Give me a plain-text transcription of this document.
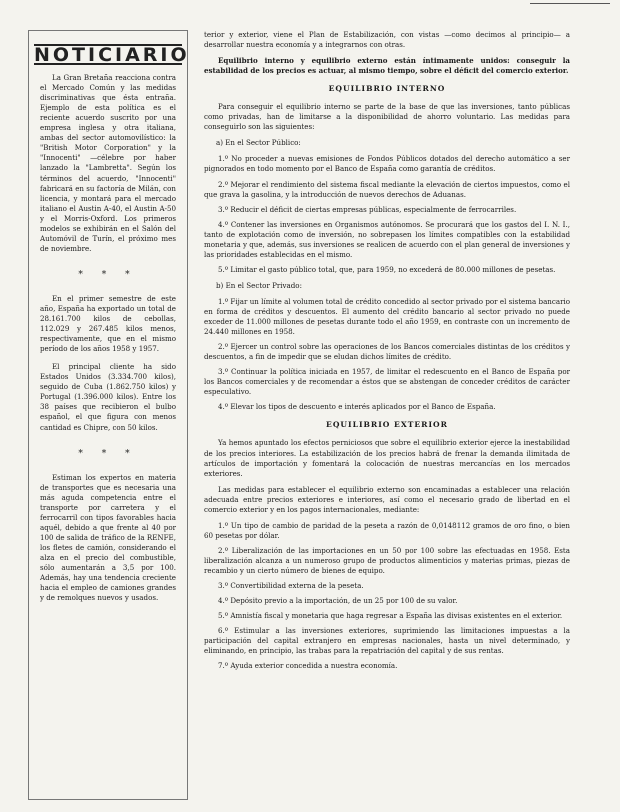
NOTICIARIO

La Gran Bretaña reacciona contra el Mercado Común y las medidas discriminativas que ésta entraña. Ejemplo de esta política es el reciente acuerdo suscrito por una empresa inglesa y otra italiana, ambas del sector automovilístico: la "British Motor Corporation" y la "Innocenti" —célebre por haber lanzado la "Lambretta". Según los términos del acuerdo, "Innocenti" fabricará en su factoría de Milán, con licencia, y montará para el mercado italiano el Austin A-40, el Austin A-50 y el Morris-Oxford. Los primeros modelos se exhibirán en el Salón del Automóvil de Turín, el próximo mes de noviembre.

* * *

En el primer semestre de este año, España ha exportado un total de 28.161.700 kilos de cebollas, 112.029 y 267.485 kilos menos, respectivamente, que en el mismo período de los años 1958 y 1957.

El principal cliente ha sido Estados Unidos (3.334.700 kilos), seguido de Cuba (1.862.750 kilos) y Portugal (1.396.000 kilos). Entre los 38 países que recibieron el bulbo español, el que figura con menos cantidad es Chipre, con 50 kilos.

* * *

Estiman los expertos en materia de transportes que es necesaria una más aguda competencia entre el transporte por carretera y el ferrocarril con tipos favorables hacia aquél, debido a que frente al 40 por 100 de salida de tráfico de la RENFE, los fletes de camión, considerando el alza en el precio del combustible, sólo aumentarán a 3,5 por 100. Además, hay una tendencia creciente hacia el empleo de camiones grandes y de remolques nuevos y usados.

terior y exterior, viene el Plan de Estabilización, con vistas —como decimos al principio— a desarrollar nuestra economía y a integrarnos con otras.

Equilibrio interno y equilibrio externo están íntimamente unidos: conseguir la estabilidad de los precios es actuar, al mismo tiempo, sobre el déficit del comercio exterior.

EQUILIBRIO INTERNO

Para conseguir el equilibrio interno se parte de la base de que las inversiones, tanto públicas como privadas, han de limitarse a la disponibilidad de ahorro voluntario. Las medidas para conseguirlo son las siguientes:

a) En el Sector Público:

1.º No proceder a nuevas emisiones de Fondos Públicos dotados del derecho automático a ser pignorados en todo momento por el Banco de España como garantía de créditos.

2.º Mejorar el rendimiento del sistema fiscal mediante la elevación de ciertos impuestos, como el que grava la gasolina, y la introducción de nuevos derechos de Aduanas.

3.º Reducir el déficit de ciertas empresas públicas, especialmente de ferrocarriles.

4.º Contener las inversiones en Organismos autónomos. Se procurará que los gastos del I. N. I., tanto de explotación como de inversión, no sobrepasen los límites compatibles con la estabilidad monetaria y que, además, sus inversiones se realicen de acuerdo con el plan general de inversiones y las prioridades establecidas en el mismo.

5.º Limitar el gasto público total, que, para 1959, no excederá de 80.000 millones de pesetas.

b) En el Sector Privado:

1.º Fijar un límite al volumen total de crédito concedido al sector privado por el sistema bancario en forma de créditos y descuentos. El aumento del crédito bancario al sector privado no puede exceder de 11.000 millones de pesetas durante todo el año 1959, en contraste con un incremento de 24.440 millones en 1958.

2.º Ejercer un control sobre las operaciones de los Bancos comerciales distintas de los créditos y descuentos, a fin de impedir que se eludan dichos límites de crédito.

3.º Continuar la política iniciada en 1957, de limitar el redescuento en el Banco de España por los Bancos comerciales y de recomendar a éstos que se abstengan de conceder créditos de carácter especulativo.

4.º Elevar los tipos de descuento e interés aplicados por el Banco de España.

EQUILIBRIO EXTERIOR

Ya hemos apuntado los efectos perniciosos que sobre el equilibrio exterior ejerce la inestabilidad de los precios interiores. La estabilización de los precios habrá de frenar la demanda ilimitada de artículos de importación y fomentará la colocación de nuestras mercancías en los mercados exteriores.

Las medidas para establecer el equilibrio externo son encaminadas a establecer una relación adecuada entre precios exteriores e interiores, así como el necesario grado de libertad en el comercio exterior y en los pagos internacionales, mediante:

1.º Un tipo de cambio de paridad de la peseta a razón de 0,0148112 gramos de oro fino, o bien 60 pesetas por dólar.

2.º Liberalización de las importaciones en un 50 por 100 sobre las efectuadas en 1958. Esta liberalización alcanza a un numeroso grupo de productos alimenticios y materias primas, piezas de recambio y un cierto número de bienes de equipo.

3.º Convertibilidad externa de la peseta.

4.º Depósito previo a la importación, de un 25 por 100 de su valor.

5.º Amnistía fiscal y monetaria que haga regresar a España las divisas existentes en el exterior.

6.º Estimular a las inversiones exteriores, suprimiendo las limitaciones impuestas a la participación del capital extranjero en empresas nacionales, hasta un nivel determinado, y eliminando, en principio, las trabas para la repatriación del capital y de sus rentas.

7.º Ayuda exterior concedida a nuestra economía.
